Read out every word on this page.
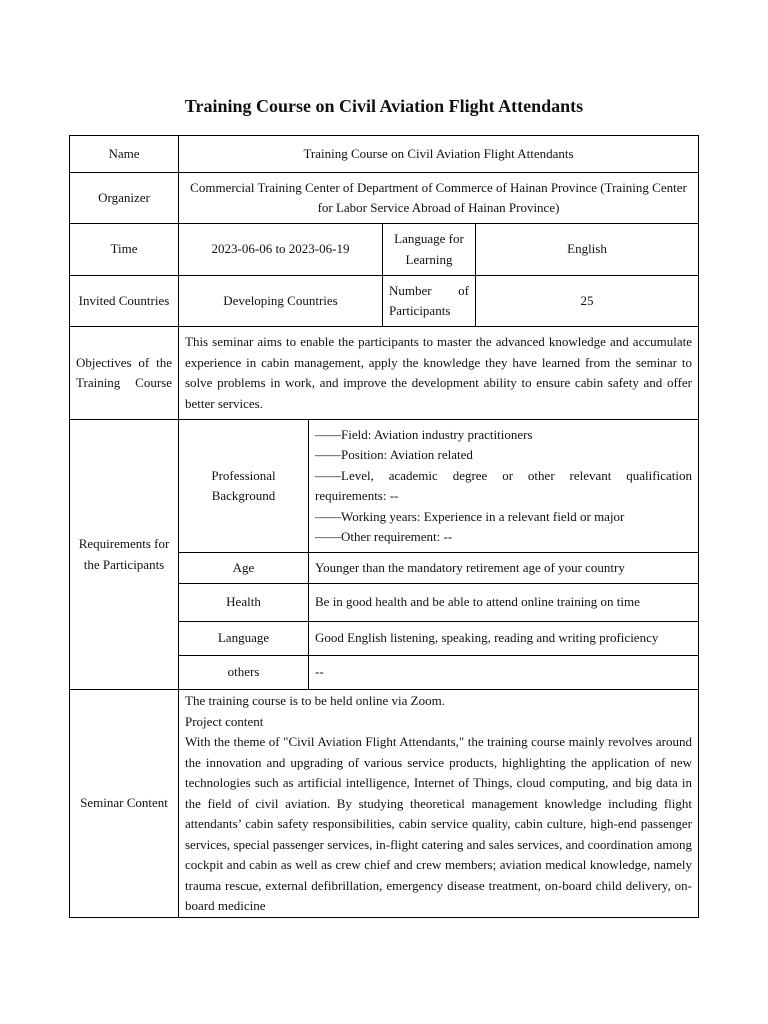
Training Course on Civil Aviation Flight Attendants
Name	Training Course on Civil Aviation Flight Attendants			
Organizer	Commercial Training Center of Department of Commerce of Hainan Province (Training Center for Labor Service Abroad of Hainan Province)			
Time	2023-06-06 to 2023-06-19		Language for Learning	English
Invited Countries	Developing Countries		Number of Participants	25
Objectives of the Training Course	This seminar aims to enable the participants to master the advanced knowledge and accumulate experience in cabin management, apply the knowledge they have learned from the seminar to solve problems in work, and improve the development ability to ensure cabin safety and offer better services.			
Requirements for the Participants	Professional Background	——Field: Aviation industry practitioners

——Position: Aviation related

——Level, academic degree or other relevant qualification requirements: --

——Working years: Experience in a relevant field or major

——Other requirement: --		

	Age	Younger than the mandatory retirement age of your country		
	Health	Be in good health and be able to attend online training on time		
	Language	Good English listening, speaking, reading and writing proficiency		
	others	--		
Seminar Content	The training course is to be held online via Zoom.

Project content

With the theme of "Civil Aviation Flight Attendants," the training course mainly revolves around the innovation and upgrading of various service products, highlighting the application of new technologies such as artificial intelligence, Internet of Things, cloud computing, and big data in the field of civil aviation. By studying theoretical management knowledge including flight attendants’ cabin safety responsibilities, cabin service quality, cabin culture, high-end passenger services, special passenger services, in-flight catering and sales services, and coordination among cockpit and cabin as well as crew chief and crew members; aviation medical knowledge, namely trauma rescue, external defibrillation, emergency disease treatment, on-board child delivery, on-board medicine			
